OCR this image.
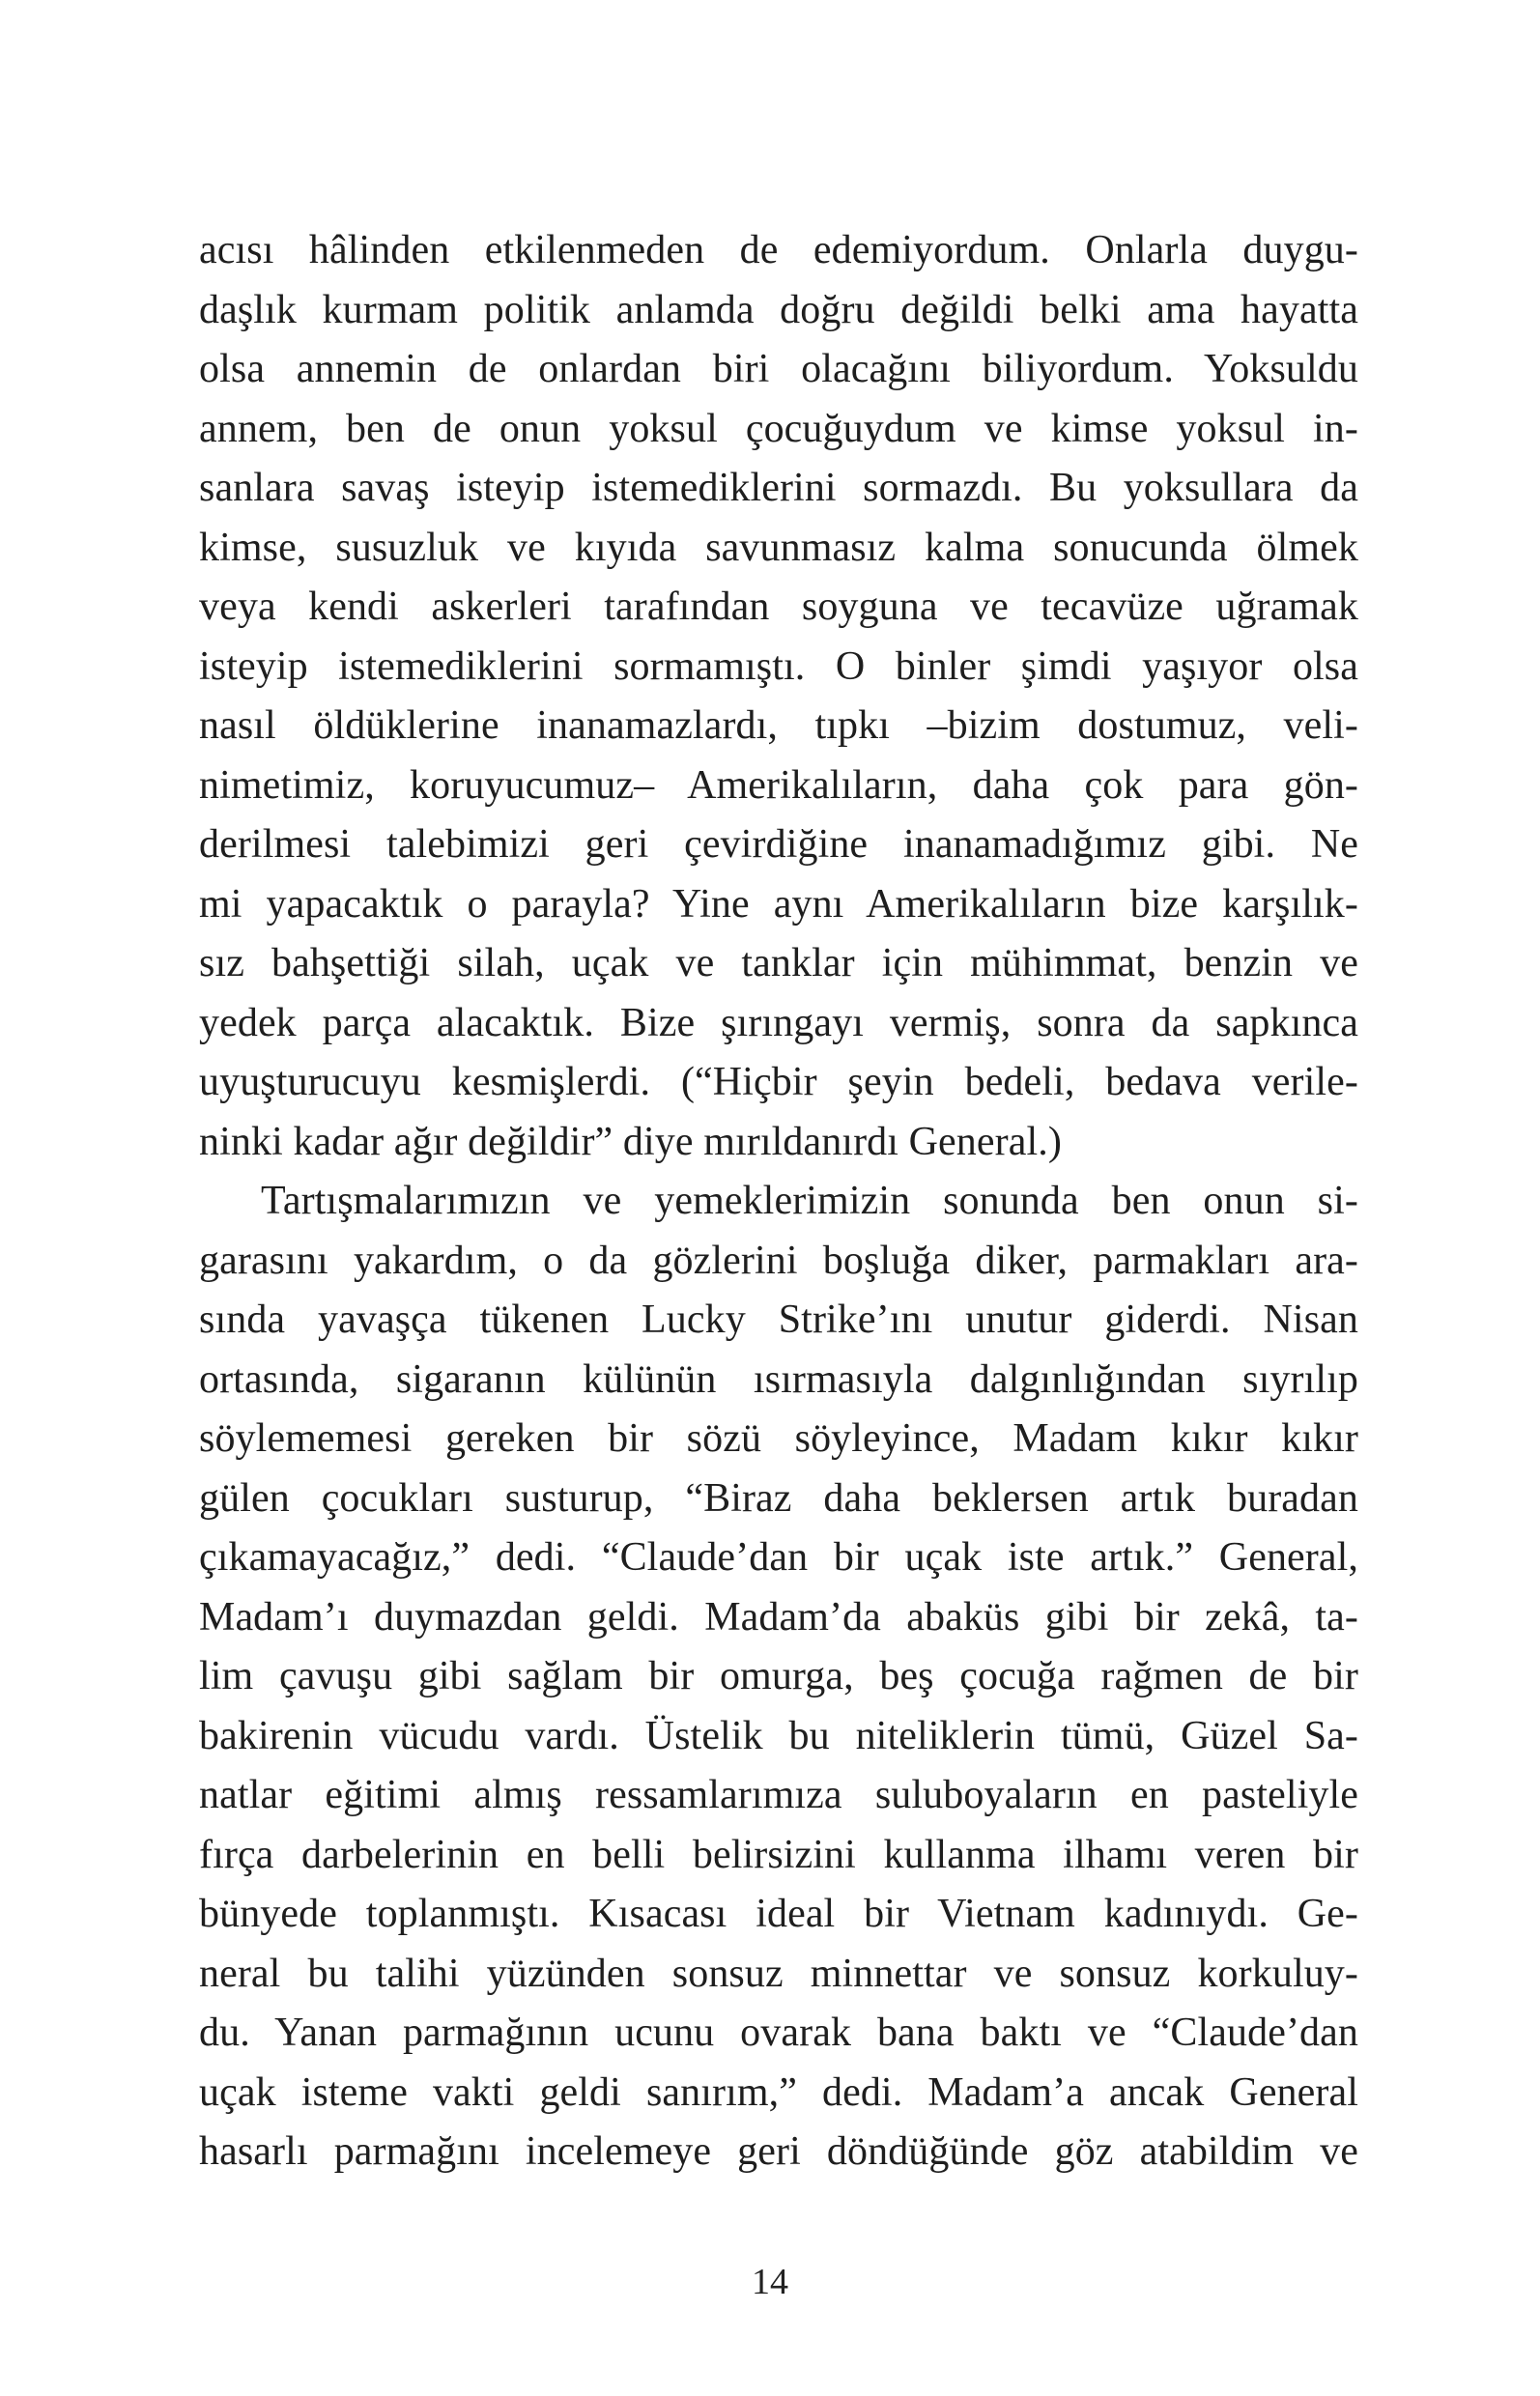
acısı hâlinden etkilenmeden de edemiyordum. Onlarla duygu-
daşlık kurmam politik anlamda doğru değildi belki ama hayatta
olsa annemin de onlardan biri olacağını biliyordum. Yoksuldu
annem, ben de onun yoksul çocuğuydum ve kimse yoksul in-
sanlara savaş isteyip istemediklerini sormazdı. Bu yoksullara da
kimse, susuzluk ve kıyıda savunmasız kalma sonucunda ölmek
veya kendi askerleri tarafından soyguna ve tecavüze uğramak
isteyip istemediklerini sormamıştı. O binler şimdi yaşıyor olsa
nasıl öldüklerine inanamazlardı, tıpkı –bizim dostumuz, veli-
nimetimiz, koruyucumuz– Amerikalıların, daha çok para gön-
derilmesi talebimizi geri çevirdiğine inanamadığımız gibi. Ne
mi yapacaktık o parayla? Yine aynı Amerikalıların bize karşılık-
sız bahşettiği silah, uçak ve tanklar için mühimmat, benzin ve
yedek parça alacaktık. Bize şırıngayı vermiş, sonra da sapkınca
uyuşturucuyu kesmişlerdi. (“Hiçbir şeyin bedeli, bedava verile-
ninki kadar ağır değildir” diye mırıldanırdı General.)
Tartışmalarımızın ve yemeklerimizin sonunda ben onun si-
garasını yakardım, o da gözlerini boşluğa diker, parmakları ara-
sında yavaşça tükenen Lucky Strike’ını unutur giderdi. Nisan
ortasında, sigaranın külünün ısırmasıyla dalgınlığından sıyrılıp
söylememesi gereken bir sözü söyleyince, Madam kıkır kıkır
gülen çocukları susturup, “Biraz daha beklersen artık buradan
çıkamayacağız,” dedi. “Claude’dan bir uçak iste artık.” General,
Madam’ı duymazdan geldi. Madam’da abaküs gibi bir zekâ, ta-
lim çavuşu gibi sağlam bir omurga, beş çocuğa rağmen de bir
bakirenin vücudu vardı. Üstelik bu niteliklerin tümü, Güzel Sa-
natlar eğitimi almış ressamlarımıza suluboyaların en pasteliyle
fırça darbelerinin en belli belirsizini kullanma ilhamı veren bir
bünyede toplanmıştı. Kısacası ideal bir Vietnam kadınıydı. Ge-
neral bu talihi yüzünden sonsuz minnettar ve sonsuz korkuluy-
du. Yanan parmağının ucunu ovarak bana baktı ve “Claude’dan
uçak isteme vakti geldi sanırım,” dedi. Madam’a ancak General
hasarlı parmağını incelemeye geri döndüğünde göz atabildim ve
14
